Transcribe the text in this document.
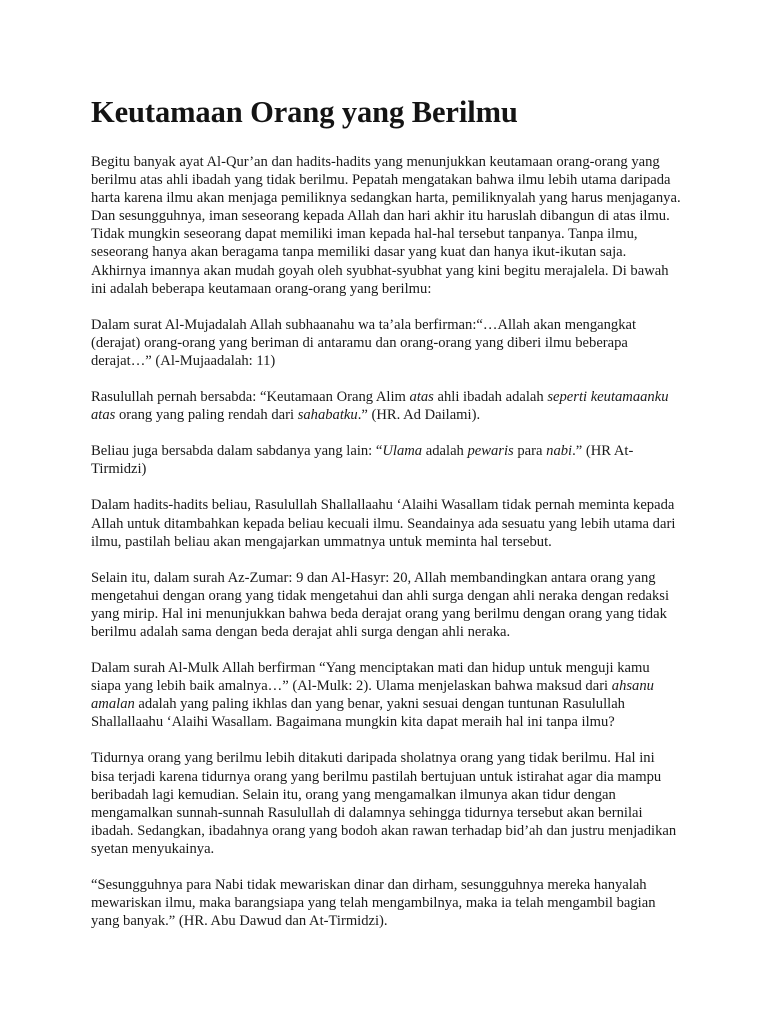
Keutamaan Orang yang Berilmu

Begitu banyak ayat Al-Qur’an dan hadits-hadits yang menunjukkan keutamaan orang-orang yang berilmu atas ahli ibadah yang tidak berilmu. Pepatah mengatakan bahwa ilmu lebih utama daripada harta karena ilmu akan menjaga pemiliknya sedangkan harta, pemiliknyalah yang harus menjaganya. Dan sesungguhnya, iman seseorang kepada Allah dan hari akhir itu haruslah dibangun di atas ilmu. Tidak mungkin seseorang dapat memiliki iman kepada hal-hal tersebut tanpanya. Tanpa ilmu, seseorang hanya akan beragama tanpa memiliki dasar yang kuat dan hanya ikut-ikutan saja. Akhirnya imannya akan mudah goyah oleh syubhat-syubhat yang kini begitu merajalela. Di bawah ini adalah beberapa keutamaan orang-orang yang berilmu:

Dalam surat Al-Mujadalah Allah subhaanahu wa ta’ala berfirman:“…Allah akan mengangkat (derajat) orang-orang yang beriman di antaramu dan orang-orang yang diberi ilmu beberapa derajat…” (Al-Mujaadalah: 11)

Rasulullah pernah bersabda: “Keutamaan Orang Alim atas ahli ibadah adalah seperti keutamaanku atas orang yang paling rendah dari sahabatku.” (HR. Ad Dailami).

Beliau juga bersabda dalam sabdanya yang lain: “Ulama adalah pewaris para nabi.” (HR At-Tirmidzi)

Dalam hadits-hadits beliau, Rasulullah Shallallaahu ‘Alaihi Wasallam tidak pernah meminta kepada Allah untuk ditambahkan kepada beliau kecuali ilmu. Seandainya ada sesuatu yang lebih utama dari ilmu, pastilah beliau akan mengajarkan ummatnya untuk meminta hal tersebut.

Selain itu, dalam surah Az-Zumar: 9 dan Al-Hasyr: 20, Allah membandingkan antara orang yang mengetahui dengan orang yang tidak mengetahui dan ahli surga dengan ahli neraka dengan redaksi yang mirip. Hal ini menunjukkan bahwa beda derajat orang yang berilmu dengan orang yang tidak berilmu adalah sama dengan beda derajat ahli surga dengan ahli neraka.

Dalam surah Al-Mulk Allah berfirman “Yang menciptakan mati dan hidup untuk menguji kamu siapa yang lebih baik amalnya…” (Al-Mulk: 2). Ulama menjelaskan bahwa maksud dari ahsanu amalan adalah yang paling ikhlas dan yang benar, yakni sesuai dengan tuntunan Rasulullah Shallallaahu ‘Alaihi Wasallam. Bagaimana mungkin kita dapat meraih hal ini tanpa ilmu?

Tidurnya orang yang berilmu lebih ditakuti daripada sholatnya orang yang tidak berilmu. Hal ini bisa terjadi karena tidurnya orang yang berilmu pastilah bertujuan untuk istirahat agar dia mampu beribadah lagi kemudian. Selain itu, orang yang mengamalkan ilmunya akan tidur dengan mengamalkan sunnah-sunnah Rasulullah di dalamnya sehingga tidurnya tersebut akan bernilai ibadah. Sedangkan, ibadahnya orang yang bodoh akan rawan terhadap bid’ah dan justru menjadikan syetan menyukainya.

“Sesungguhnya para Nabi tidak mewariskan dinar dan dirham, sesungguhnya mereka hanyalah mewariskan ilmu, maka barangsiapa yang telah mengambilnya, maka ia telah mengambil bagian yang banyak.” (HR. Abu Dawud dan At-Tirmidzi).
